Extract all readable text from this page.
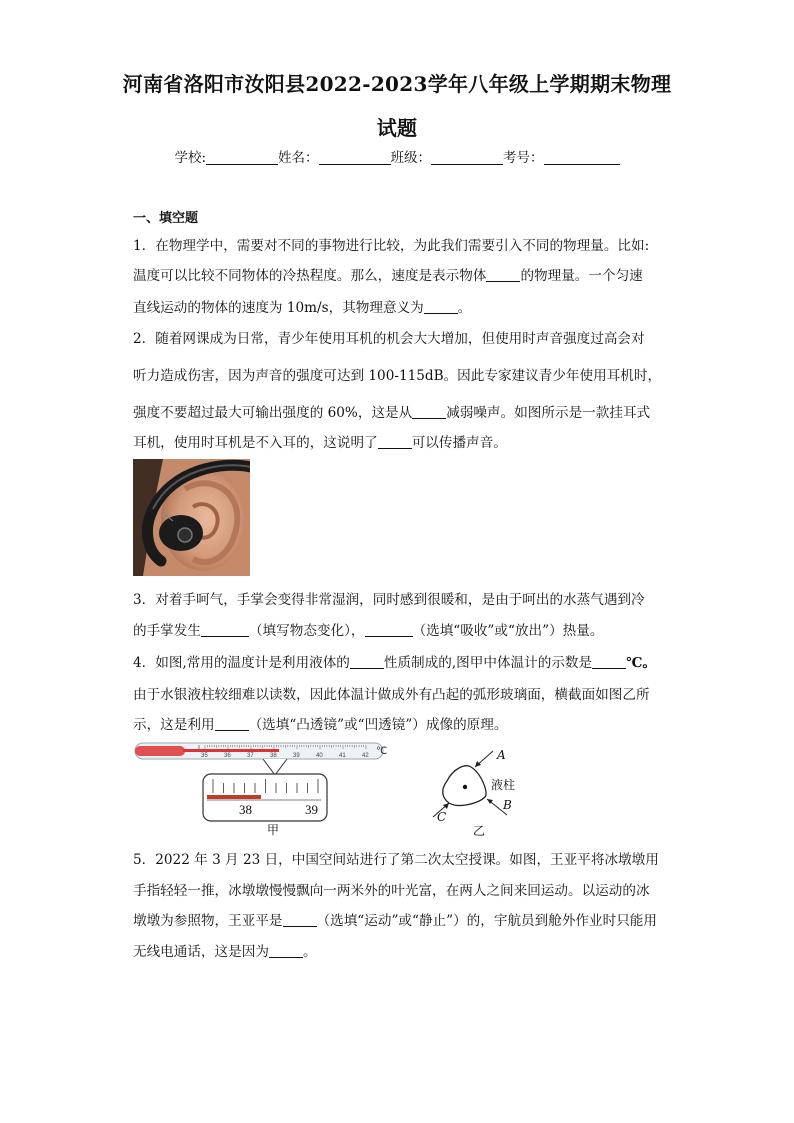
河南省洛阳市汝阳县2022-2023学年八年级上学期期末物理
试题
学校:	姓名：	班级：	考号：
一、填空题
1．在物理学中，需要对不同的事物进行比较，为此我们需要引入不同的物理量。比如:
温度可以比较不同物体的冷热程度。那么，速度是表示物体	的物理量。一个匀速
直线运动的物体的速度为 10m/s，其物理意义为	。
2．随着网课成为日常，青少年使用耳机的机会大大增加，但使用时声音强度过高会对
听力造成伤害，因为声音的强度可达到 100-115dB。因此专家建议青少年使用耳机时，
强度不要超过最大可输出强度的 60%，这是从	减弱噪声。如图所示是一款挂耳式
耳机，使用时耳机是不入耳的，这说明了	可以传播声音。
3．对着手呵气，手掌会变得非常湿润，同时感到很暖和，是由于呵出的水蒸气遇到冷
的手掌发生	（填写物态变化），	（选填“吸收”或“放出”）热量。
4．如图,常用的温度计是利用液体的	性质制成的,图甲中体温计的示数是	℃。
由于水银液柱较细难以读数，因此体温计做成外有凸起的弧形玻璃面，横截面如图乙所
示，这是利用	（选填“凸透镜”或“凹透镜”）成像的原理。
35	36	37	38	39	40	41	42 ℃
38	39
甲
A
B
C
液柱
乙
5．2022 年 3 月 23 日，中国空间站进行了第二次太空授课。如图，王亚平将冰墩墩用
手指轻轻一推，冰墩墩慢慢飘向一两米外的叶光富，在两人之间来回运动。以运动的冰
墩墩为参照物，王亚平是	（选填“运动”或“静止”）的，宇航员到舱外作业时只能用
无线电通话，这是因为	。
